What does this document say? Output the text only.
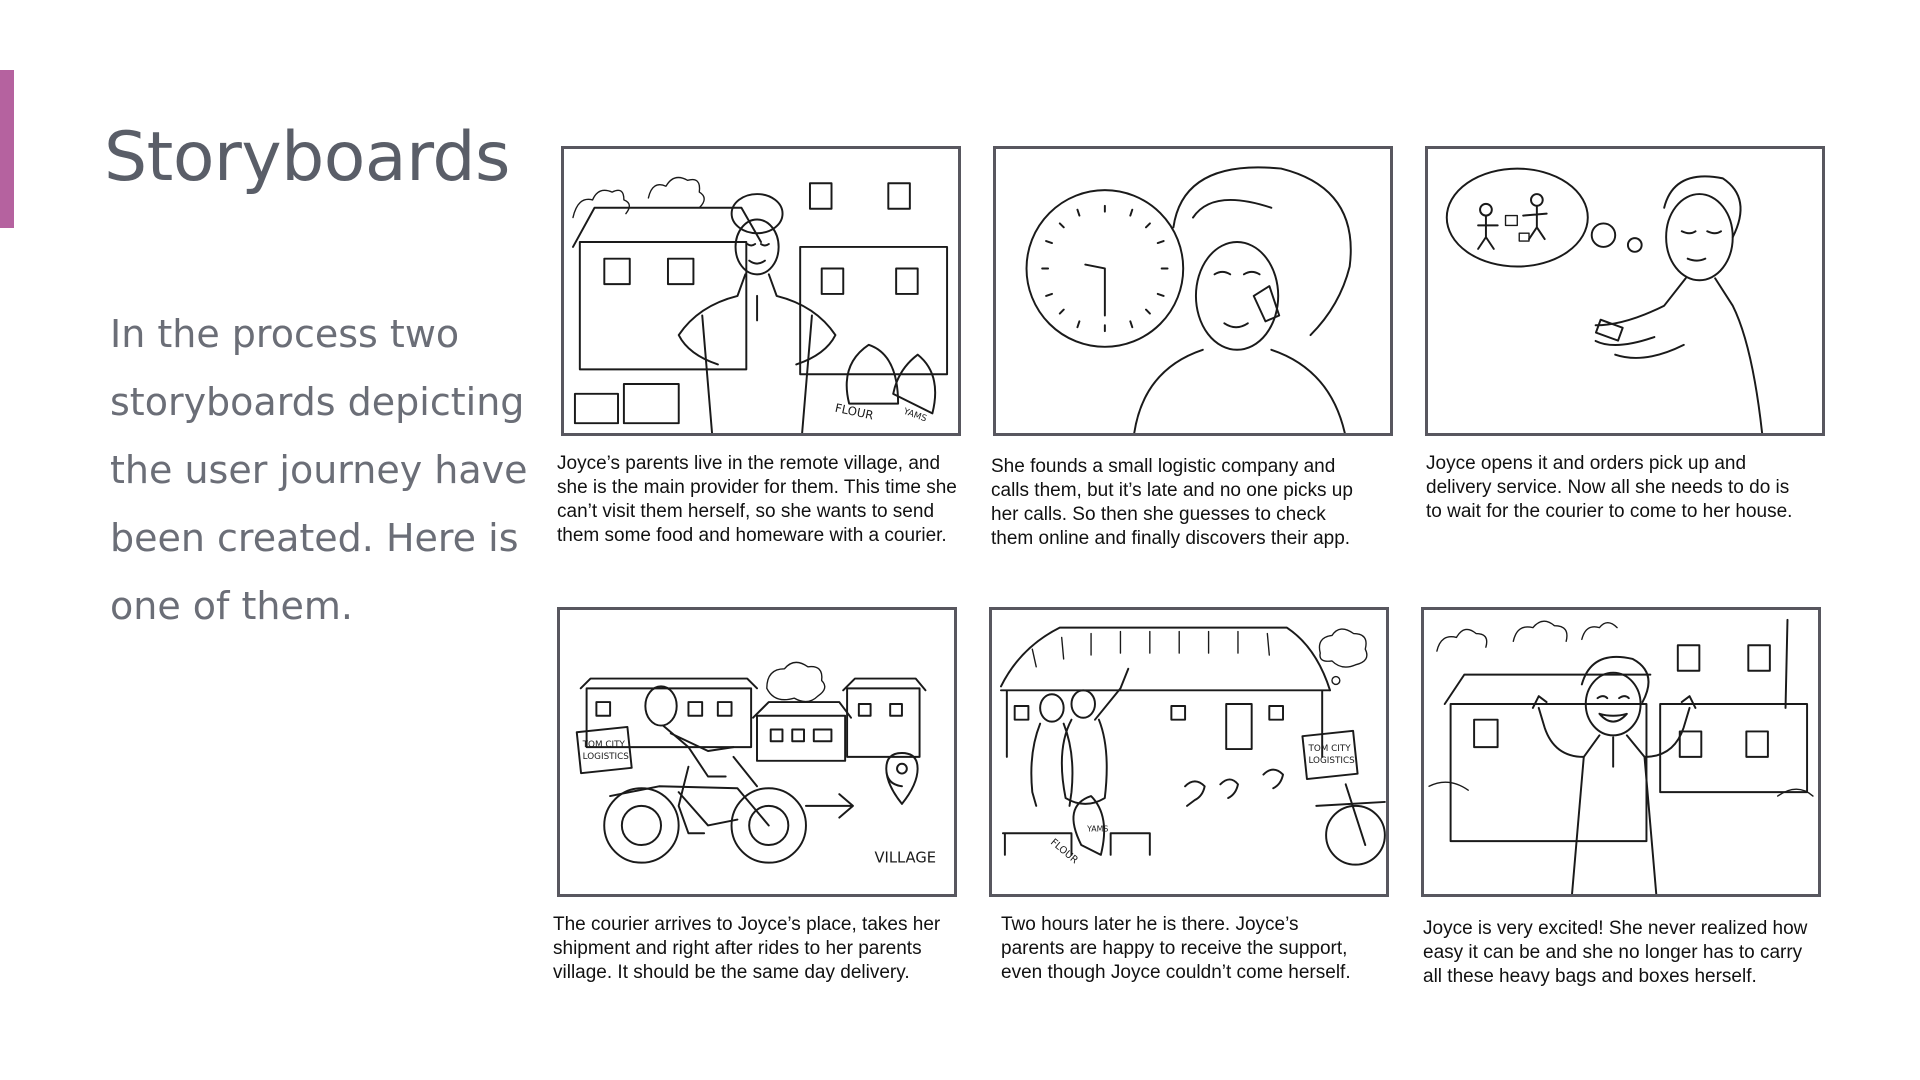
Storyboards

In the process two storyboards depicting the user journey have been created. Here is one of them.

FLOUR	YAMS

Joyce’s parents live in the remote village, and
she is the main provider for them. This time she
can’t visit them herself, so she wants to send
them some food and homeware with a courier.

She founds a small logistic company and
calls them, but it’s late and no one picks up
her calls. So then she guesses to check
them online and finally discovers their app.

Joyce opens it and orders pick up and
delivery service. Now all she needs to do is
to wait for the courier to come to her house.

TOM CITY
LOGISTICS
VILLAGE

The courier arrives to Joyce’s place, takes her
shipment and right after rides to her parents
village. It should be the same day delivery.

FLOUR
YAMS
TOM CITY
LOGISTICS

Two hours later he is there. Joyce’s
parents are happy to receive the support,
even though Joyce couldn’t come herself.

Joyce is very excited! She never realized how
easy it can be and she no longer has to carry
all these heavy bags and boxes herself.
